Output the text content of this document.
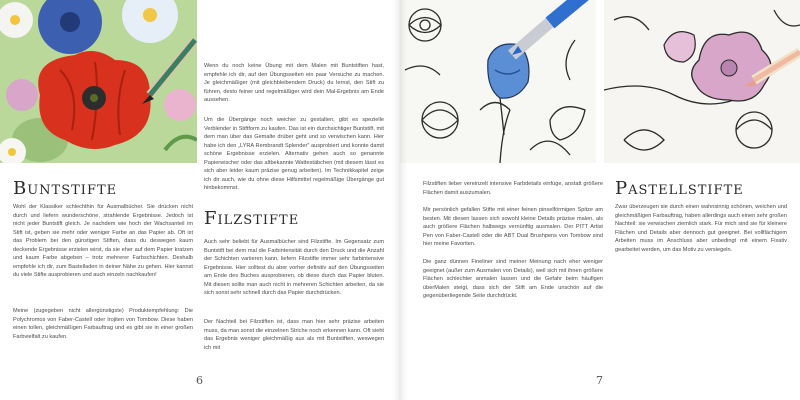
Buntstifte

Wohl der Klassiker schlechthin für Ausmalbücher. Sie drücken nicht durch und liefern wunderschöne, strahlende Ergebnisse. Jedoch ist nicht jeder Buntstift gleich. Je nachdem wie hoch der Wachsanteil im Stift ist, geben sie mehr oder weniger Farbe an das Papier ab. Oft ist das Problem bei den günstigen Stiften, dass du deswegen kaum deckende Ergebnisse erzielen wirst, da sie eher auf dem Papier kratzen und kaum Farbe abgeben – trotz mehrerer Farbschichten. Deshalb empfehle ich dir, zum Bastelladen in deiner Nähe zu gehen. Hier kannst du viele Stifte ausprobieren und auch einzeln nachkaufen!

Meine (zugegeben nicht allergünstigste) Produktempfehlung: Die Polychromos von Faber-Castell oder Irojiten von Tombow. Diese haben einen tollen, gleichmäßigen Farbauftrag und es gibt sie in einer großen Farbvielfalt zu kaufen.

Wenn du noch keine Übung mit dem Malen mit Buntstiften hast, empfehle ich dir, auf den Übungsseiten ein paar Versuche zu machen. Je gleichmäßiger (mit gleichbleibendem Druck) du lernst, den Stift zu führen, desto feiner und regelmäßiger wird dein Mal-Ergebnis am Ende aussehen.

Um die Übergänge noch weicher zu gestalten, gibt es spezielle Verblender in Stiftform zu kaufen. Das ist ein durchsichtiger Buntstift, mit dem man über das Gemalte drüber geht und so verwischen kann. Hier habe ich den „LYRA Rembrandt Splender" ausprobiert und konnte damit schöne Ergebnisse erzielen. Alternativ gehen auch so genannte Papierwischer oder das altbekannte Wattestäbchen (mit diesem lässt es sich aber leider kaum präzise genug arbeiten). Im Technikkapitel zeige ich dir auch, wie du ohne diese Hilfsmittel regelmäßige Übergänge gut hinbekommst.

Filzstifte

Auch sehr beliebt für Ausmalbücher sind Filzstifte. Im Gegensatz zum Buntstift bei dem mal die Farbintensität durch den Druck und die Anzahl der Schichten variieren kann, liefern Filzstifte immer sehr farbintensive Ergebnisse. Hier solltest du aber vorher definitiv auf den Übungsseiten am Ende des Buches ausprobieren, ob diese durch das Papier bluten. Mit diesen sollte man auch nicht in mehreren Schichten arbeiten, da sie sich sonst sehr schnell durch das Papier durchdrücken.

Der Nachteil bei Filzstiften ist, dass man hier sehr präzise arbeiten muss, da man sonst die einzelnen Striche noch erkennen kann. Oft sieht das Ergebnis weniger gleichmäßig aus als mit Buntstiften, weswegen ich mit

6

Filzstiften lieber vereinzelt intensive Farbdetails einfüge, anstatt größere Flächen damit auszumalen.

Mir persönlich gefallen Stifte mit einer feinen pinselförmigen Spitze am besten. Mit diesen lassen sich sowohl kleine Details präzise malen, als auch größere Flächen halbwegs vernünftig ausmalen. Der PITT Artist Pen von Faber-Castell oder die ABT Dual Brushpens von Tombow sind hier meine Favoriten.

Die ganz dünnen Fineliner sind meiner Meinung nach eher weniger geeignet (außer zum Ausmalen von Details), weil sich mit ihnen größere Flächen schlechter anmalen lassen und die Gefahr beim häufigen überMalen steigt, dass sich der Stift am Ende unschön auf die gegenüberliegende Seite durchdrückt.

Pastellstifte

Zwar überzeugen sie durch einen wahnsinnig schönen, weichen und gleichmäßigen Farbauftrag, haben allerdings auch einen sehr großen Nachteil: sie verwischen ziemlich stark. Für mich sind sie für kleinere Flächen und Details aber dennoch gut geeignet. Bei vollflächigem Arbeiten muss im Anschluss aber unbedingt mit einem Fixativ gearbeitet werden, um das Motiv zu versiegeln.

7
